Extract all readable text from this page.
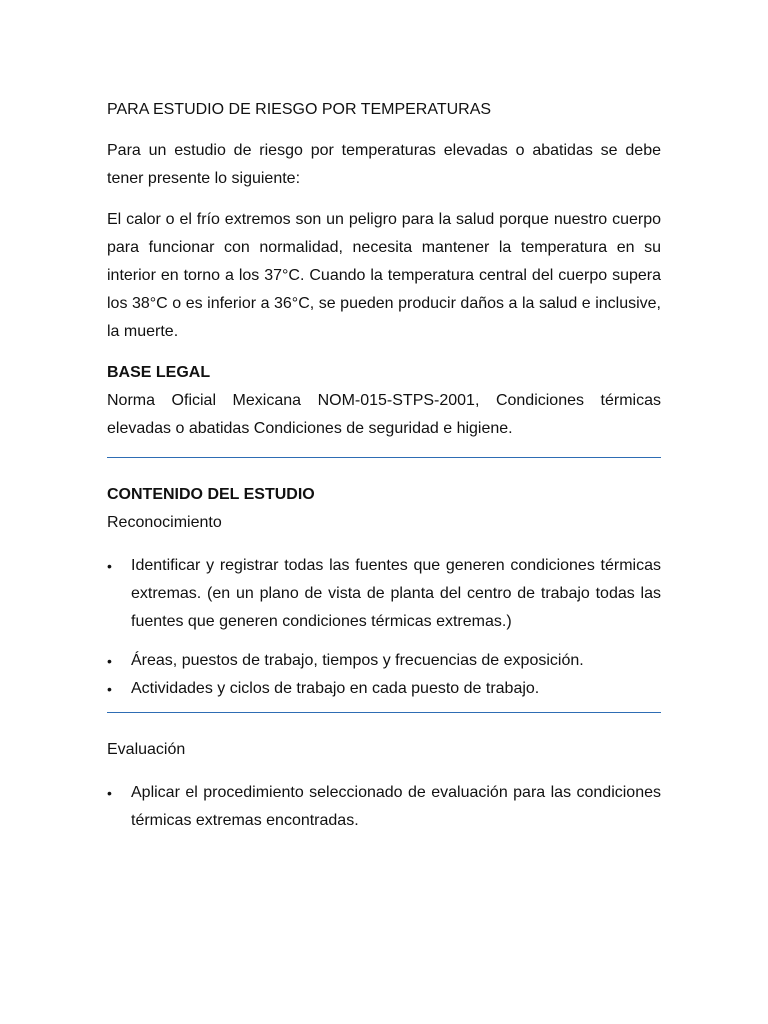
PARA ESTUDIO DE RIESGO POR TEMPERATURAS

Para un estudio de riesgo por temperaturas elevadas o abatidas se debe tener presente lo siguiente:

El calor o el frío extremos son un peligro para la salud porque nuestro cuerpo para funcionar con normalidad, necesita mantener la temperatura en su interior en torno a los 37°C. Cuando la temperatura central del cuerpo supera los 38°C o es inferior a 36°C, se pueden producir daños a la salud e inclusive, la muerte.

BASE LEGAL

Norma Oficial Mexicana NOM-015-STPS-2001, Condiciones térmicas elevadas o abatidas Condiciones de seguridad e higiene.

CONTENIDO DEL ESTUDIO
Reconocimiento
•	Identificar y registrar todas las fuentes que generen condiciones térmicas extremas. (en un plano de vista de planta del centro de trabajo todas las fuentes que generen condiciones térmicas extremas.)
•	Áreas, puestos de trabajo, tiempos y frecuencias de exposición.
•	Actividades y ciclos de trabajo en cada puesto de trabajo.
Evaluación
•	Aplicar el procedimiento seleccionado de evaluación para las condiciones térmicas extremas encontradas.
